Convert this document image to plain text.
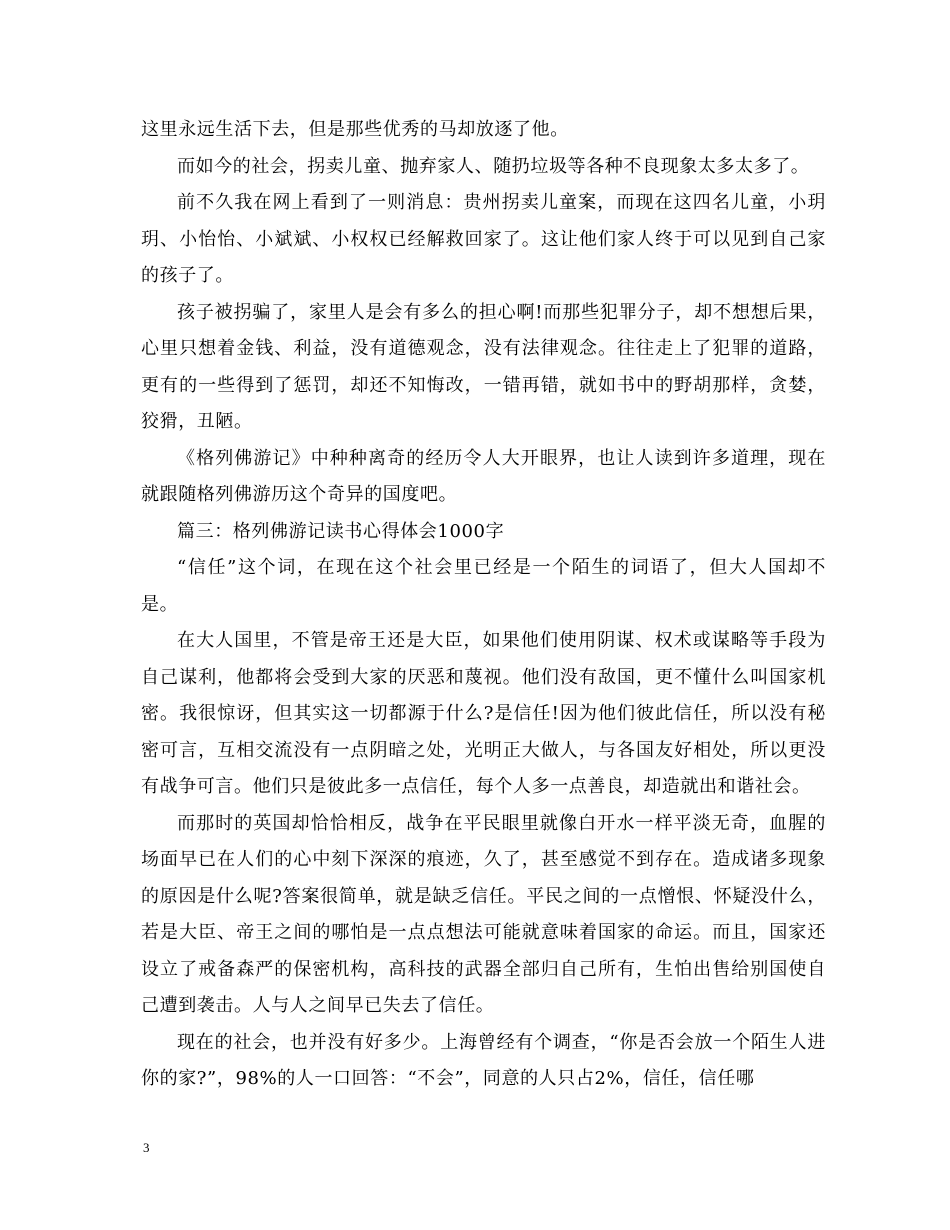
这里永远生活下去，但是那些优秀的马却放逐了他。

而如今的社会，拐卖儿童、抛弃家人、随扔垃圾等各种不良现象太多太多了。

前不久我在网上看到了一则消息：贵州拐卖儿童案，而现在这四名儿童，小玥玥、小怡怡、小斌斌、小权权已经解救回家了。这让他们家人终于可以见到自己家的孩子了。

孩子被拐骗了，家里人是会有多么的担心啊!而那些犯罪分子，却不想想后果，心里只想着金钱、利益，没有道德观念，没有法律观念。往往走上了犯罪的道路，更有的一些得到了惩罚，却还不知悔改，一错再错，就如书中的野胡那样，贪婪，狡猾，丑陋。

《格列佛游记》中种种离奇的经历令人大开眼界，也让人读到许多道理，现在就跟随格列佛游历这个奇异的国度吧。

篇三：格列佛游记读书心得体会1000字

“信任”这个词，在现在这个社会里已经是一个陌生的词语了，但大人国却不是。

在大人国里，不管是帝王还是大臣，如果他们使用阴谋、权术或谋略等手段为自己谋利，他都将会受到大家的厌恶和蔑视。他们没有敌国，更不懂什么叫国家机密。我很惊讶，但其实这一切都源于什么?是信任!因为他们彼此信任，所以没有秘密可言，互相交流没有一点阴暗之处，光明正大做人，与各国友好相处，所以更没有战争可言。他们只是彼此多一点信任，每个人多一点善良，却造就出和谐社会。

而那时的英国却恰恰相反，战争在平民眼里就像白开水一样平淡无奇，血腥的场面早已在人们的心中刻下深深的痕迹，久了，甚至感觉不到存在。造成诸多现象的原因是什么呢?答案很简单，就是缺乏信任。平民之间的一点憎恨、怀疑没什么，若是大臣、帝王之间的哪怕是一点点想法可能就意味着国家的命运。而且，国家还设立了戒备森严的保密机构，高科技的武器全部归自己所有，生怕出售给别国使自己遭到袭击。人与人之间早已失去了信任。

现在的社会，也并没有好多少。上海曾经有个调查，“你是否会放一个陌生人进你的家?”，98%的人一口回答：“不会”，同意的人只占2%，信任，信任哪

3
